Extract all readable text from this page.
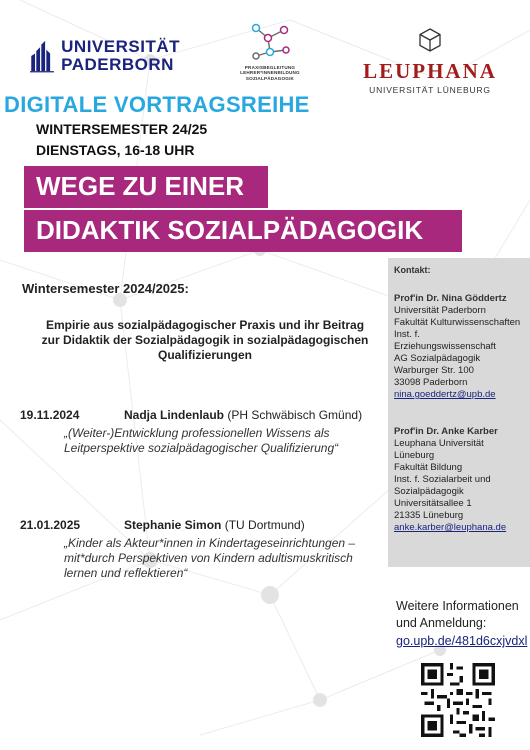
UNIVERSITÄT
PADERBORN	PRAXISBEGLEITUNG
LEHRER*INNENBILDUNG
SOZIALPÄDAGOGIK	LEUPHANA
UNIVERSITÄT LÜNEBURG
DIGITALE VORTRAGSREIHE
WINTERSEMESTER 24/25
DIENSTAGS, 16-18 UHR
WEGE ZU EINER
DIDAKTIK SOZIALPÄDAGOGIK
Kontakt:
Prof'in Dr. Nina Göddertz
Universität Paderborn
Fakultät Kulturwissenschaften
Inst. f. Erziehungswissenschaft
AG Sozialpädagogik
Warburger Str. 100
33098 Paderborn
nina.goeddertz@upb.de
Prof'in Dr. Anke Karber
Leuphana Universität Lüneburg
Fakultät Bildung
Inst. f. Sozialarbeit und
Sozialpädagogik
Universitätsallee 1
21335 Lüneburg
anke.karber@leuphana.de
Wintersemester 2024/2025:
Empirie aus sozialpädagogischer Praxis und ihr Beitrag zur Didaktik der Sozialpädagogik in sozialpädagogischen Qualifizierungen
19.11.2024	Nadja Lindenlaub (PH Schwäbisch Gmünd)
„(Weiter-)Entwicklung professionellen Wissens als Leitperspektive sozialpädagogischer Qualifizierung“
21.01.2025	Stephanie Simon (TU Dortmund)
„Kinder als Akteur*innen in Kindertageseinrichtungen – mit*durch Perspektiven von Kindern adultismuskritisch lernen und reflektieren“
Weitere Informationen und Anmeldung:
go.upb.de/481d6cxjvdxl
